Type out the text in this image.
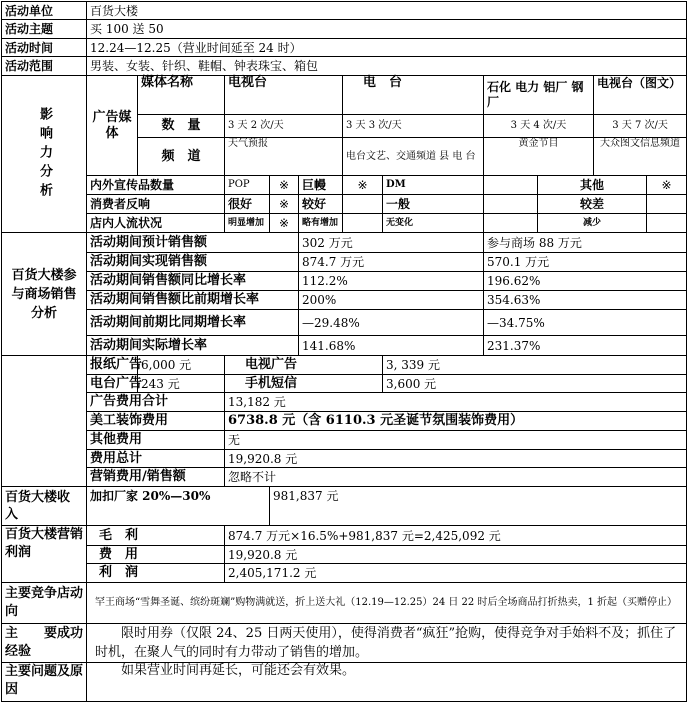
活动单位	百货大楼										
活动主题	买 100 送 50										
活动时间	12.24—12.25（营业时间延至 24 时）										
活动范围	男装、女装、针织、鞋帽、钟表珠宝、箱包										

影响力分析	广告媒体	媒体名称	电视台			电　台		石化 电力 铝厂 钢厂		电视台（图文）	
		数　量	3 天 2 次/天			3 天 3 次/天		3 天 4 次/天		3 天 7 次/天	
		频　道	天气预报			电台文艺、交通频道 县 电 台		黄金节目		大众图文信息频道	
	内外宣传品数量		POP	※	巨幔	※	DM		其他		※
	消费者反响		很好	※	较好		一般		较差		
	店内人流状况		明显增加	※	略有增加		无变化		减少		
百货大楼参与商场销售分析	活动期间预计销售额				302 万元			参与商场 88 万元			
	活动期间实现销售额				874.7 万元			570.1 万元			
	活动期间销售额同比增长率				112.2%			196.62%			
	活动期间销售额比前期增长率				200%			354.63%			
	活动期间前期比同期增长率				—29.48%			—34.75%			
	活动期间实际增长率				141.68%			231.37%			
	报纸广告	6,000 元	电视广告				3, 339 元				
	电台广告	243 元	手机短信				3,600 元				
	广告费用合计		13,182 元								
	美工装饰费用		6738.8 元（含 6110.3 元圣诞节氛围装饰费用）								
	其他费用		无								
	费用总计		19,920.8 元								
	营销费用/销售额		忽略不计								
百货大楼收　　入	加扣厂家 20%—30%			981,837 元							
百货大楼营销利润	毛　利		874.7 万元×16.5%+981,837 元=2,425,092 元								
	费　用		19,920.8 元								
	利　润		2,405,171.2 元								
主要竞争店动向	罕王商场“雪舞圣诞、缤纷斑斓”购物满就送，折上送大礼（12.19—12.25）24 日 22 时后全场商品打折热卖，1 折起（买赠停止）										
主　　要成功经验	限时用券（仅限 24、25 日两天使用），使得消费者“疯狂”抢购，使得竞争对手始料不及；抓住了时机，在聚人气的同时有力带动了销售的增加。										
主要问题及原因	如果营业时间再延长，可能还会有效果。										
